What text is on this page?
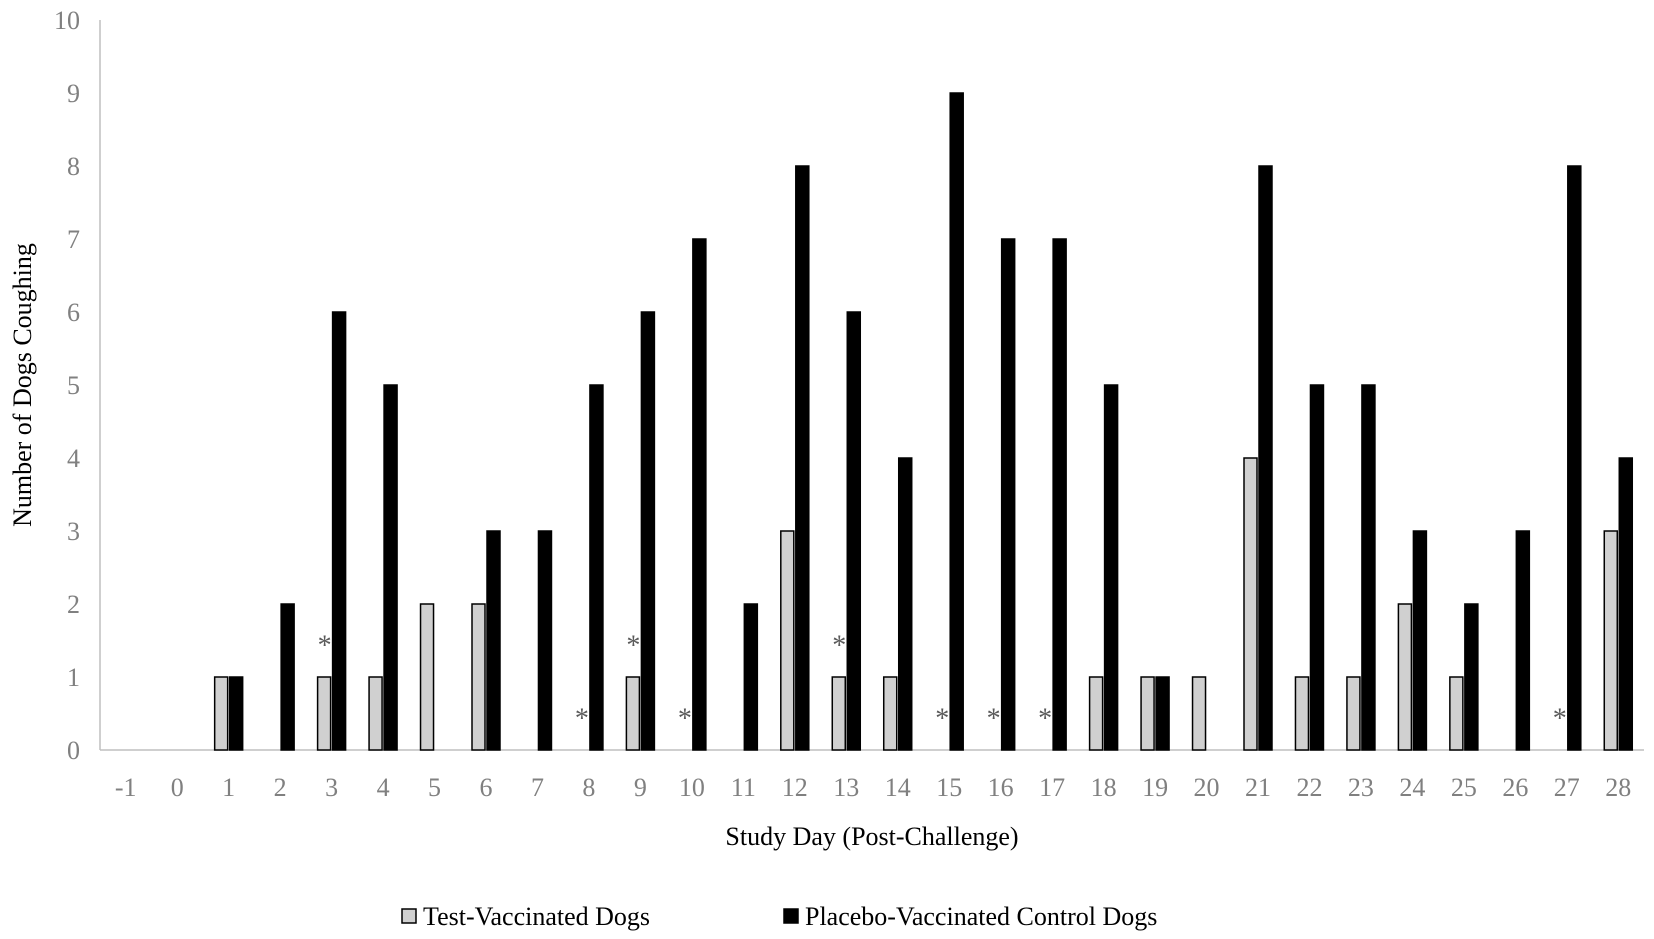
0
1
2
3
4
5
6
7
8
9
10
*
*
*
*
*
* * *	*
-1 0 1 2 3 4 5 6 7 8 9 10 11 12 13 14 15 16 17 18 19 20 21 22 23 24 25 26 27 28
Study Day (Post-Challenge)
Number of Dogs Coughing
Test-Vaccinated Dogs	Placebo-Vaccinated Control Dogs
